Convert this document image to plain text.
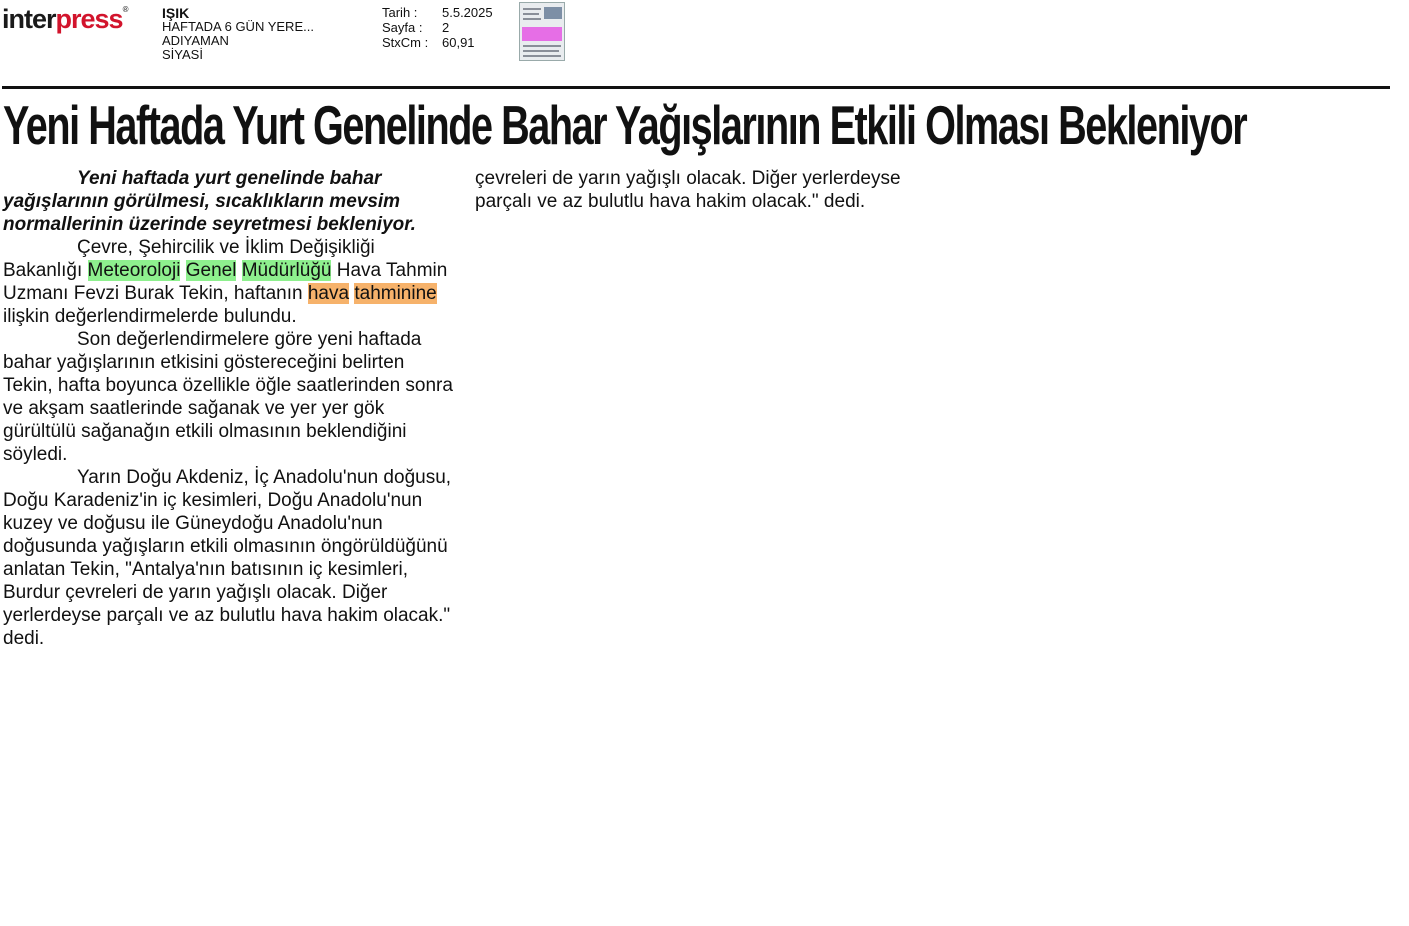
interpress® IŞIK
HAFTADA 6 GÜN YERE...
ADIYAMAN
SİYASİ
Tarih :	5.5.2025
Sayfa :	2
StxCm :	60,91
Yeni Haftada Yurt Genelinde Bahar Yağışlarının Etkili Olması Bekleniyor

Yeni haftada yurt genelinde bahar yağışlarının görülmesi, sıcaklıkların mevsim normallerinin üzerinde seyretmesi bekleniyor.

Çevre, Şehircilik ve İklim Değişikliği Bakanlığı Meteoroloji Genel Müdürlüğü Hava Tahmin Uzmanı Fevzi Burak Tekin, haftanın hava tahminine ilişkin değerlendirmelerde bulundu.

Son değerlendirmelere göre yeni haftada bahar yağışlarının etkisini göstereceğini belirten Tekin, hafta boyunca özellikle öğle saatlerinden sonra ve akşam saatlerinde sağanak ve yer yer gök gürültülü sağanağın etkili olmasının beklendiğini söyledi.

Yarın Doğu Akdeniz, İç Anadolu'nun doğusu, Doğu Karadeniz'in iç kesimleri, Doğu Anadolu'nun kuzey ve doğusu ile Güneydoğu Anadolu'nun doğusunda yağışların etkili olmasının öngörüldüğünü anlatan Tekin, "Antalya'nın batısının iç kesimleri, Burdur çevreleri de yarın yağışlı olacak. Diğer yerlerdeyse parçalı ve az bulutlu hava hakim olacak." dedi.

çevreleri de yarın yağışlı olacak. Diğer yerlerdeyse parçalı ve az bulutlu hava hakim olacak." dedi.
